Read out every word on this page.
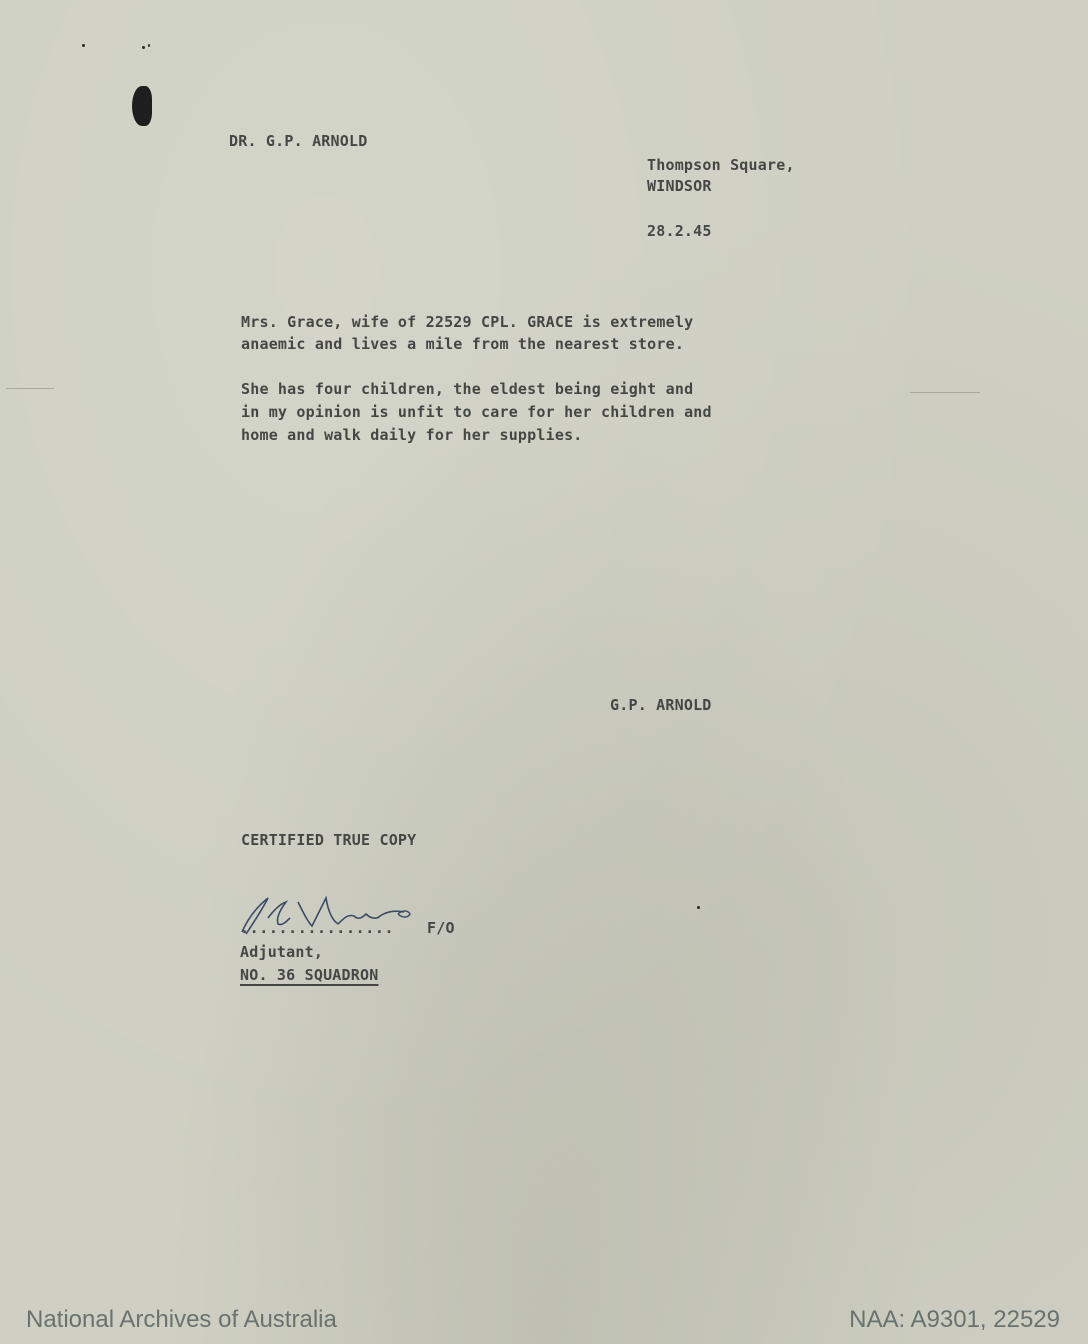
DR. G.P. ARNOLD
Thompson Square,
WINDSOR
28.2.45
Mrs. Grace, wife of 22529 CPL. GRACE is extremely
anaemic and lives a mile from the nearest store.
She has four children, the eldest being eight and
in my opinion is unfit to care for her children and
home and walk daily for her supplies.
G.P. ARNOLD
CERTIFIED TRUE COPY
................ F/O
Adjutant,
NO. 36 SQUADRON
National Archives of Australia	NAA: A9301, 22529
